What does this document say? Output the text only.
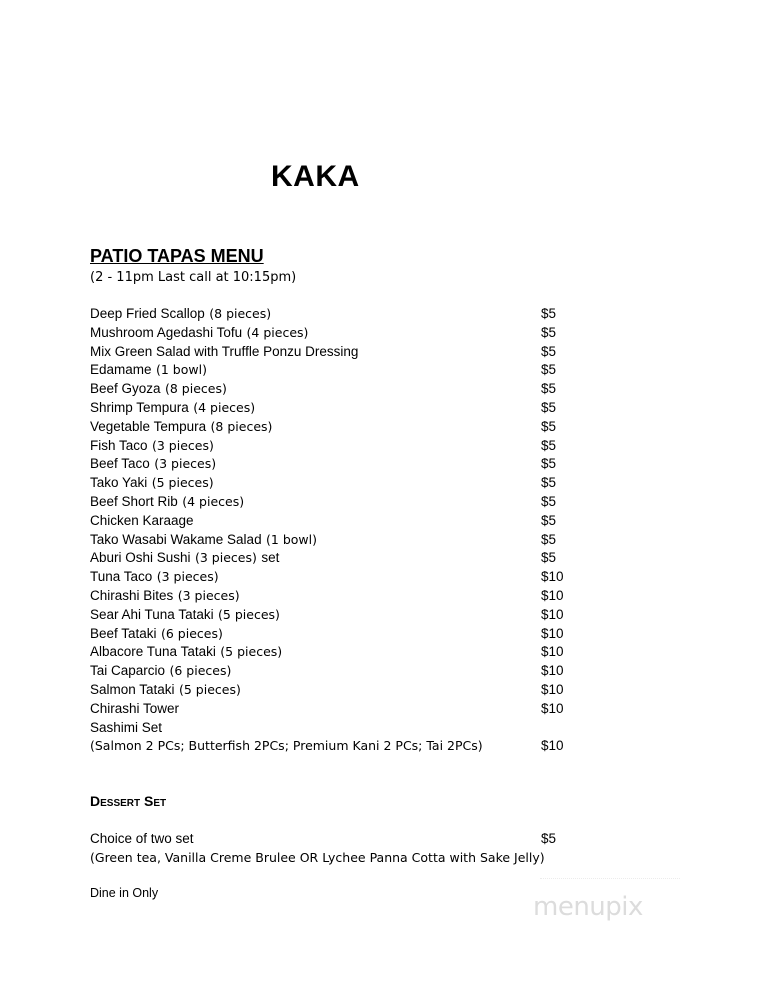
KAKA
PATIO TAPAS MENU
(2 - 11pm Last call at 10:15pm)
Deep Fried Scallop (8 pieces)	$5
Mushroom Agedashi Tofu (4 pieces)	$5
Mix Green Salad with Truffle Ponzu Dressing	$5
Edamame (1 bowl)	$5
Beef Gyoza (8 pieces)	$5
Shrimp Tempura (4 pieces)	$5
Vegetable Tempura (8 pieces)	$5
Fish Taco (3 pieces)	$5
Beef Taco (3 pieces)	$5
Tako Yaki (5 pieces)	$5
Beef Short Rib (4 pieces)	$5
Chicken Karaage	$5
Tako Wasabi Wakame Salad (1 bowl)	$5
Aburi Oshi Sushi (3 pieces) set	$5
Tuna Taco (3 pieces)	$10
Chirashi Bites (3 pieces)	$10
Sear Ahi Tuna Tataki (5 pieces)	$10
Beef Tataki (6 pieces)	$10
Albacore Tuna Tataki (5 pieces)	$10
Tai Caparcio (6 pieces)	$10
Salmon Tataki (5 pieces)	$10
Chirashi Tower	$10
Sashimi Set
(Salmon 2 PCs; Butterfish 2PCs; Premium Kani 2 PCs; Tai 2PCs)	$10
Dessert Set
Choice of two set	$5
(Green tea, Vanilla Creme Brulee OR Lychee Panna Cotta with Sake Jelly)
Dine in Only	menupix
